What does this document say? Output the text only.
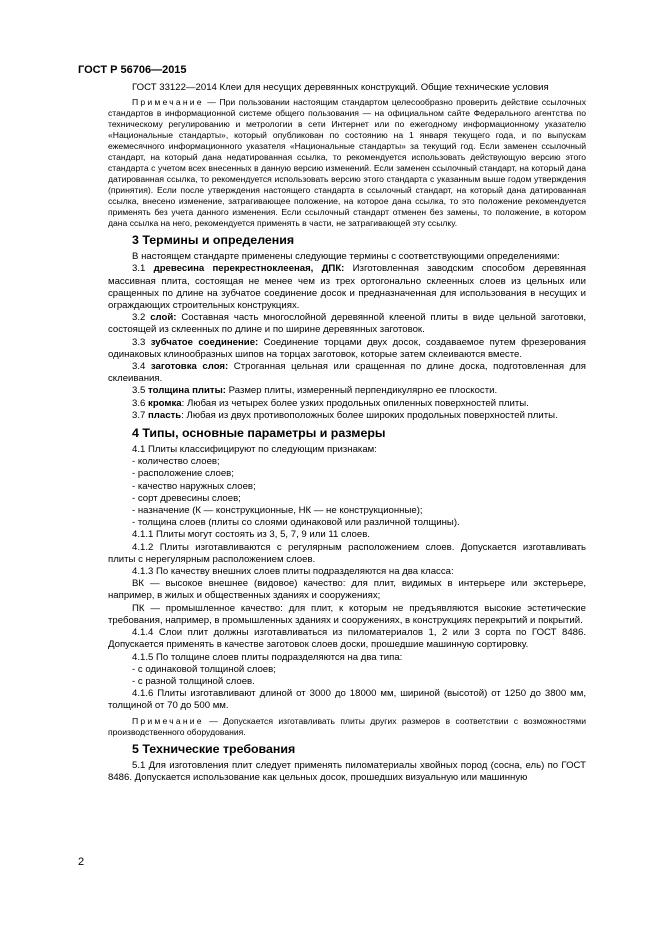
ГОСТ Р 56706—2015

ГОСТ 33122—2014 Клеи для несущих деревянных конструкций. Общие технические условия

Примечание — При пользовании настоящим стандартом целесообразно проверить действие ссылочных стандартов в информационной системе общего пользования — на официальном сайте Федерального агентства по техническому регулированию и метрологии в сети Интернет или по ежегодному информационному указателю «Национальные стандарты», который опубликован по состоянию на 1 января текущего года, и по выпускам ежемесячного информационного указателя «Национальные стандарты» за текущий год. Если заменен ссылочный стандарт, на который дана недатированная ссылка, то рекомендуется использовать действующую версию этого стандарта с учетом всех внесенных в данную версию изменений. Если заменен ссылочный стандарт, на который дана датированная ссылка, то рекомендуется использовать версию этого стандарта с указанным выше годом утверждения (принятия). Если после утверждения настоящего стандарта в ссылочный стандарт, на который дана датированная ссылка, внесено изменение, затрагивающее положение, на которое дана ссылка, то это положение рекомендуется применять без учета данного изменения. Если ссылочный стандарт отменен без замены, то положение, в котором дана ссылка на него, рекомендуется применять в части, не затрагивающей эту ссылку.

3 Термины и определения

В настоящем стандарте применены следующие термины с соответствующими определениями:

3.1 древесина перекрестноклееная, ДПК: Изготовленная заводским способом деревянная массивная плита, состоящая не менее чем из трех ортогонально склеенных слоев из цельных или сращенных по длине на зубчатое соединение досок и предназначенная для использования в несущих и ограждающих строительных конструкциях.

3.2 слой: Составная часть многослойной деревянной клееной плиты в виде цельной заготовки, состоящей из склеенных по длине и по ширине деревянных заготовок.

3.3 зубчатое соединение: Соединение торцами двух досок, создаваемое путем фрезерования одинаковых клинообразных шипов на торцах заготовок, которые затем склеиваются вместе.

3.4 заготовка слоя: Строганная цельная или сращенная по длине доска, подготовленная для склеивания.

3.5 толщина плиты: Размер плиты, измеренный перпендикулярно ее плоскости.

3.6 кромка: Любая из четырех более узких продольных опиленных поверхностей плиты.

3.7 пласть: Любая из двух противоположных более широких продольных поверхностей плиты.

4 Типы, основные параметры и размеры

4.1 Плиты классифицируют по следующим признакам:

- количество слоев;

- расположение слоев;

- качество наружных слоев;

- сорт древесины слоев;

- назначение (К — конструкционные, НК — не конструкционные);

- толщина слоев (плиты со слоями одинаковой или различной толщины).

4.1.1 Плиты могут состоять из 3, 5, 7, 9 или 11 слоев.

4.1.2 Плиты изготавливаются с регулярным расположением слоев. Допускается изготавливать плиты с нерегулярным расположением слоев.

4.1.3 По качеству внешних слоев плиты подразделяются на два класса:

ВК — высокое внешнее (видовое) качество: для плит, видимых в интерьере или экстерьере, например, в жилых и общественных зданиях и сооружениях;

ПК — промышленное качество: для плит, к которым не предъявляются высокие эстетические требования, например, в промышленных зданиях и сооружениях, в конструкциях перекрытий и покрытий.

4.1.4 Слои плит должны изготавливаться из пиломатериалов 1, 2 или 3 сорта по ГОСТ 8486. Допускается применять в качестве заготовок слоев доски, прошедшие машинную сортировку.

4.1.5 По толщине слоев плиты подразделяются на два типа:

- с одинаковой толщиной слоев;

- с разной толщиной слоев.

4.1.6 Плиты изготавливают длиной от 3000 до 18000 мм, шириной (высотой) от 1250 до 3800 мм, толщиной от 70 до 500 мм.

Примечание — Допускается изготавливать плиты других размеров в соответствии с возможностями производственного оборудования.

5 Технические требования

5.1 Для изготовления плит следует применять пиломатериалы хвойных пород (сосна, ель) по ГОСТ 8486. Допускается использование как цельных досок, прошедших визуальную или машинную

2
